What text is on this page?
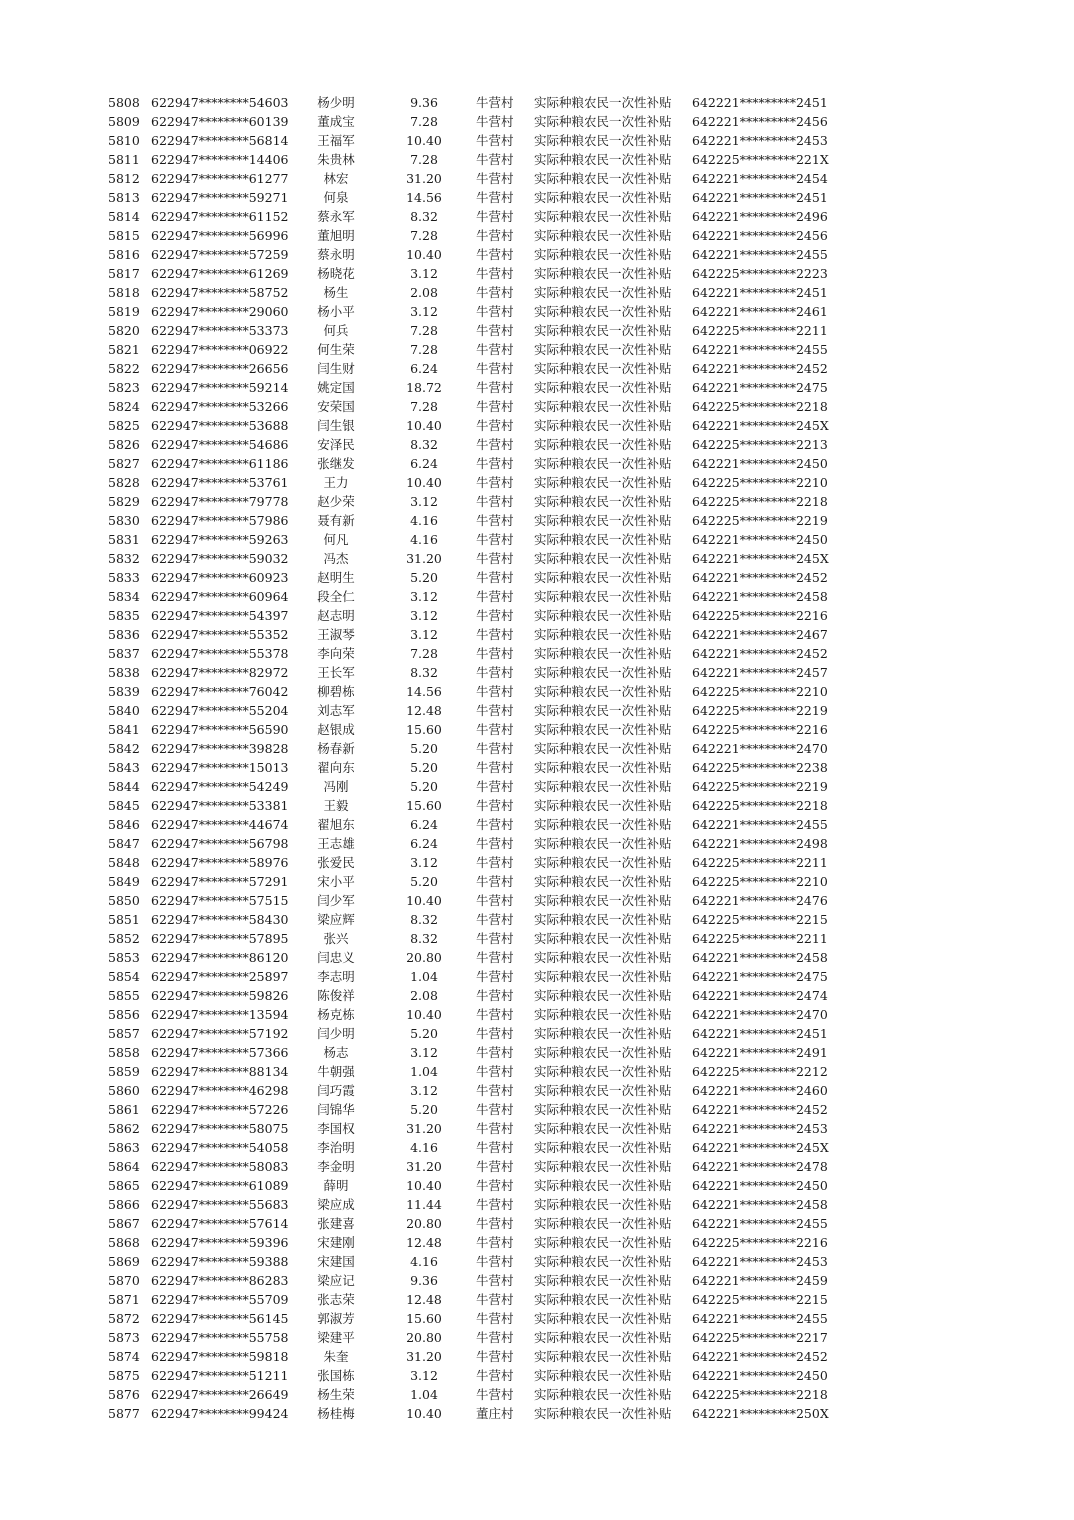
5808 622947********54603	杨少明	9.36	牛营村 实际种粮农民一次性补贴 642221*********2451
5809 622947********60139	董成宝	7.28	牛营村 实际种粮农民一次性补贴 642221*********2456
5810 622947********56814	王福军	10.40	牛营村 实际种粮农民一次性补贴 642221*********2453
5811 622947********14406	朱贵林	7.28	牛营村 实际种粮农民一次性补贴 642225*********221X
5812 622947********61277	林宏	31.20	牛营村 实际种粮农民一次性补贴 642221*********2454
5813 622947********59271	何泉	14.56	牛营村 实际种粮农民一次性补贴 642221*********2451
5814 622947********61152	蔡永军	8.32	牛营村 实际种粮农民一次性补贴 642221*********2496
5815 622947********56996	董旭明	7.28	牛营村 实际种粮农民一次性补贴 642221*********2456
5816 622947********57259	蔡永明	10.40	牛营村 实际种粮农民一次性补贴 642221*********2455
5817 622947********61269	杨晓花	3.12	牛营村 实际种粮农民一次性补贴 642225*********2223
5818 622947********58752	杨生	2.08	牛营村 实际种粮农民一次性补贴 642221*********2451
5819 622947********29060	杨小平	3.12	牛营村 实际种粮农民一次性补贴 642221*********2461
5820 622947********53373	何兵	7.28	牛营村 实际种粮农民一次性补贴 642225*********2211
5821 622947********06922	何生荣	7.28	牛营村 实际种粮农民一次性补贴 642221*********2455
5822 622947********26656	闫生财	6.24	牛营村 实际种粮农民一次性补贴 642221*********2452
5823 622947********59214	姚定国	18.72	牛营村 实际种粮农民一次性补贴 642221*********2475
5824 622947********53266	安荣国	7.28	牛营村 实际种粮农民一次性补贴 642225*********2218
5825 622947********53688	闫生银	10.40	牛营村 实际种粮农民一次性补贴 642221*********245X
5826 622947********54686	安泽民	8.32	牛营村 实际种粮农民一次性补贴 642225*********2213
5827 622947********61186	张继发	6.24	牛营村 实际种粮农民一次性补贴 642221*********2450
5828 622947********53761	王力	10.40	牛营村 实际种粮农民一次性补贴 642225*********2210
5829 622947********79778	赵少荣	3.12	牛营村 实际种粮农民一次性补贴 642225*********2218
5830 622947********57986	聂有新	4.16	牛营村 实际种粮农民一次性补贴 642225*********2219
5831 622947********59263	何凡	4.16	牛营村 实际种粮农民一次性补贴 642221*********2450
5832 622947********59032	冯杰	31.20	牛营村 实际种粮农民一次性补贴 642221*********245X
5833 622947********60923	赵明生	5.20	牛营村 实际种粮农民一次性补贴 642221*********2452
5834 622947********60964	段全仁	3.12	牛营村 实际种粮农民一次性补贴 642221*********2458
5835 622947********54397	赵志明	3.12	牛营村 实际种粮农民一次性补贴 642225*********2216
5836 622947********55352	王淑琴	3.12	牛营村 实际种粮农民一次性补贴 642221*********2467
5837 622947********55378	李向荣	7.28	牛营村 实际种粮农民一次性补贴 642221*********2452
5838 622947********82972	王长军	8.32	牛营村 实际种粮农民一次性补贴 642221*********2457
5839 622947********76042	柳碧栋	14.56	牛营村 实际种粮农民一次性补贴 642225*********2210
5840 622947********55204	刘志军	12.48	牛营村 实际种粮农民一次性补贴 642225*********2219
5841 622947********56590	赵银成	15.60	牛营村 实际种粮农民一次性补贴 642225*********2216
5842 622947********39828	杨春新	5.20	牛营村 实际种粮农民一次性补贴 642221*********2470
5843 622947********15013	翟向东	5.20	牛营村 实际种粮农民一次性补贴 642225*********2238
5844 622947********54249	冯刚	5.20	牛营村 实际种粮农民一次性补贴 642225*********2219
5845 622947********53381	王毅	15.60	牛营村 实际种粮农民一次性补贴 642225*********2218
5846 622947********44674	翟旭东	6.24	牛营村 实际种粮农民一次性补贴 642221*********2455
5847 622947********56798	王志雄	6.24	牛营村 实际种粮农民一次性补贴 642221*********2498
5848 622947********58976	张爱民	3.12	牛营村 实际种粮农民一次性补贴 642225*********2211
5849 622947********57291	宋小平	5.20	牛营村 实际种粮农民一次性补贴 642225*********2210
5850 622947********57515	闫少军	10.40	牛营村 实际种粮农民一次性补贴 642221*********2476
5851 622947********58430	梁应辉	8.32	牛营村 实际种粮农民一次性补贴 642225*********2215
5852 622947********57895	张兴	8.32	牛营村 实际种粮农民一次性补贴 642225*********2211
5853 622947********86120	闫忠义	20.80	牛营村 实际种粮农民一次性补贴 642221*********2458
5854 622947********25897	李志明	1.04	牛营村 实际种粮农民一次性补贴 642221*********2475
5855 622947********59826	陈俊祥	2.08	牛营村 实际种粮农民一次性补贴 642221*********2474
5856 622947********13594	杨克栋	10.40	牛营村 实际种粮农民一次性补贴 642221*********2470
5857 622947********57192	闫少明	5.20	牛营村 实际种粮农民一次性补贴 642221*********2451
5858 622947********57366	杨志	3.12	牛营村 实际种粮农民一次性补贴 642221*********2491
5859 622947********88134	牛朝强	1.04	牛营村 实际种粮农民一次性补贴 642225*********2212
5860 622947********46298	闫巧霞	3.12	牛营村 实际种粮农民一次性补贴 642221*********2460
5861 622947********57226	闫锦华	5.20	牛营村 实际种粮农民一次性补贴 642221*********2452
5862 622947********58075	李国权	31.20	牛营村 实际种粮农民一次性补贴 642221*********2453
5863 622947********54058	李治明	4.16	牛营村 实际种粮农民一次性补贴 642221*********245X
5864 622947********58083	李金明	31.20	牛营村 实际种粮农民一次性补贴 642221*********2478
5865 622947********61089	薛明	10.40	牛营村 实际种粮农民一次性补贴 642221*********2450
5866 622947********55683	梁应成	11.44	牛营村 实际种粮农民一次性补贴 642221*********2458
5867 622947********57614	张建喜	20.80	牛营村 实际种粮农民一次性补贴 642221*********2455
5868 622947********59396	宋建刚	12.48	牛营村 实际种粮农民一次性补贴 642225*********2216
5869 622947********59388	宋建国	4.16	牛营村 实际种粮农民一次性补贴 642221*********2453
5870 622947********86283	梁应记	9.36	牛营村 实际种粮农民一次性补贴 642221*********2459
5871 622947********55709	张志荣	12.48	牛营村 实际种粮农民一次性补贴 642225*********2215
5872 622947********56145	郭淑芳	15.60	牛营村 实际种粮农民一次性补贴 642221*********2455
5873 622947********55758	梁建平	20.80	牛营村 实际种粮农民一次性补贴 642225*********2217
5874 622947********59818	朱奎	31.20	牛营村 实际种粮农民一次性补贴 642221*********2452
5875 622947********51211	张国栋	3.12	牛营村 实际种粮农民一次性补贴 642221*********2450
5876 622947********26649	杨生荣	1.04	牛营村 实际种粮农民一次性补贴 642225*********2218
5877 622947********99424	杨桂梅	10.40	董庄村 实际种粮农民一次性补贴 642221*********250X
